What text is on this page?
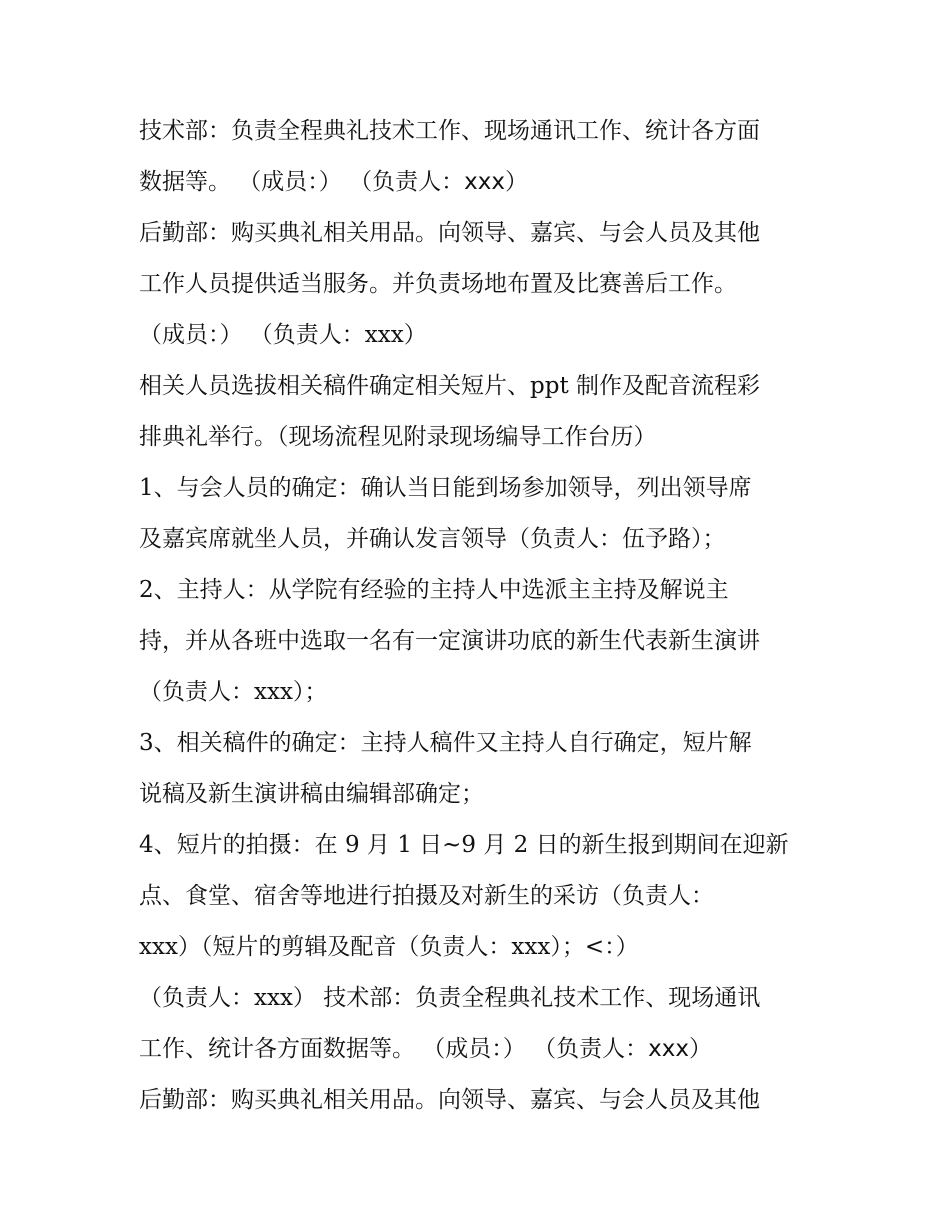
技术部：负责全程典礼技术工作、现场通讯工作、统计各方面
数据等。 （成员：） （负责人：xxx）
后勤部：购买典礼相关用品。向领导、嘉宾、与会人员及其他
工作人员提供适当服务。并负责场地布置及比赛善后工作。
（成员：） （负责人：xxx）
相关人员选拔相关稿件确定相关短片、ppt 制作及配音流程彩
排典礼举行。（现场流程见附录现场编导工作台历）
1、与会人员的确定：确认当日能到场参加领导，列出领导席
及嘉宾席就坐人员，并确认发言领导（负责人：伍予路）；
2、主持人：从学院有经验的主持人中选派主主持及解说主
持，并从各班中选取一名有一定演讲功底的新生代表新生演讲
（负责人：xxx）；
3、相关稿件的确定：主持人稿件又主持人自行确定，短片解
说稿及新生演讲稿由编辑部确定；
4、短片的拍摄：在 9 月 1 日~9 月 2 日的新生报到期间在迎新
点、食堂、宿舍等地进行拍摄及对新生的采访（负责人：
xxx）（短片的剪辑及配音（负责人：xxx）；<：）
（负责人：xxx） 技术部：负责全程典礼技术工作、现场通讯
工作、统计各方面数据等。 （成员：） （负责人：xxx）
后勤部：购买典礼相关用品。向领导、嘉宾、与会人员及其他
